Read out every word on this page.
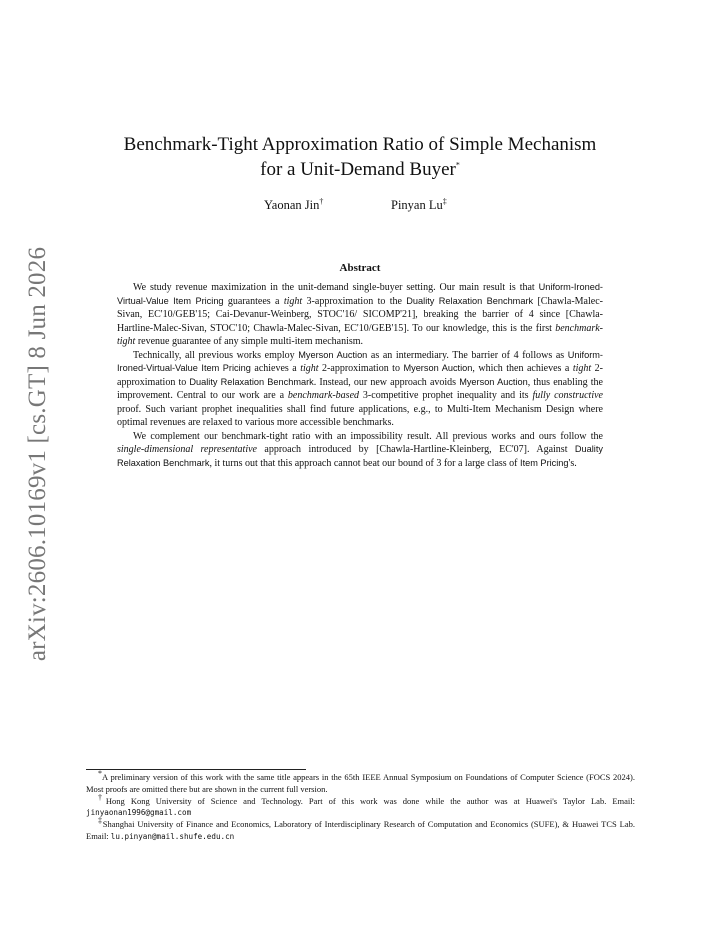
arXiv:2606.10169v1 [cs.GT] 8 Jun 2026
Benchmark-Tight Approximation Ratio of Simple Mechanism
for a Unit-Demand Buyer*
Yaonan Jin†	Pinyan Lu‡
Abstract

We study revenue maximization in the unit-demand single-buyer setting. Our main result is that Uniform-Ironed-Virtual-Value Item Pricing guarantees a tight 3-approximation to the Duality Relaxation Benchmark [Chawla-Malec-Sivan, EC'10/GEB'15; Cai-Devanur-Weinberg, STOC'16/ SICOMP'21], breaking the barrier of 4 since [Chawla-Hartline-Malec-Sivan, STOC'10; Chawla-Malec-Sivan, EC'10/GEB'15]. To our knowledge, this is the first benchmark-tight revenue guarantee of any simple multi-item mechanism.

Technically, all previous works employ Myerson Auction as an intermediary. The barrier of 4 follows as Uniform-Ironed-Virtual-Value Item Pricing achieves a tight 2-approximation to Myerson Auction, which then achieves a tight 2-approximation to Duality Relaxation Benchmark. Instead, our new approach avoids Myerson Auction, thus enabling the improvement. Central to our work are a benchmark-based 3-competitive prophet inequality and its fully constructive proof. Such variant prophet inequalities shall find future applications, e.g., to Multi-Item Mechanism Design where optimal revenues are relaxed to various more accessible benchmarks.

We complement our benchmark-tight ratio with an impossibility result. All previous works and ours follow the single-dimensional representative approach introduced by [Chawla-Hartline-Kleinberg, EC'07]. Against Duality Relaxation Benchmark, it turns out that this approach cannot beat our bound of 3 for a large class of Item Pricing's.

*A preliminary version of this work with the same title appears in the 65th IEEE Annual Symposium on Foundations of Computer Science (FOCS 2024). Most proofs are omitted there but are shown in the current full version.

†Hong Kong University of Science and Technology. Part of this work was done while the author was at Huawei's Taylor Lab. Email: jinyaonan1996@gmail.com

‡Shanghai University of Finance and Economics, Laboratory of Interdisciplinary Research of Computation and Economics (SUFE), & Huawei TCS Lab. Email: lu.pinyan@mail.shufe.edu.cn
